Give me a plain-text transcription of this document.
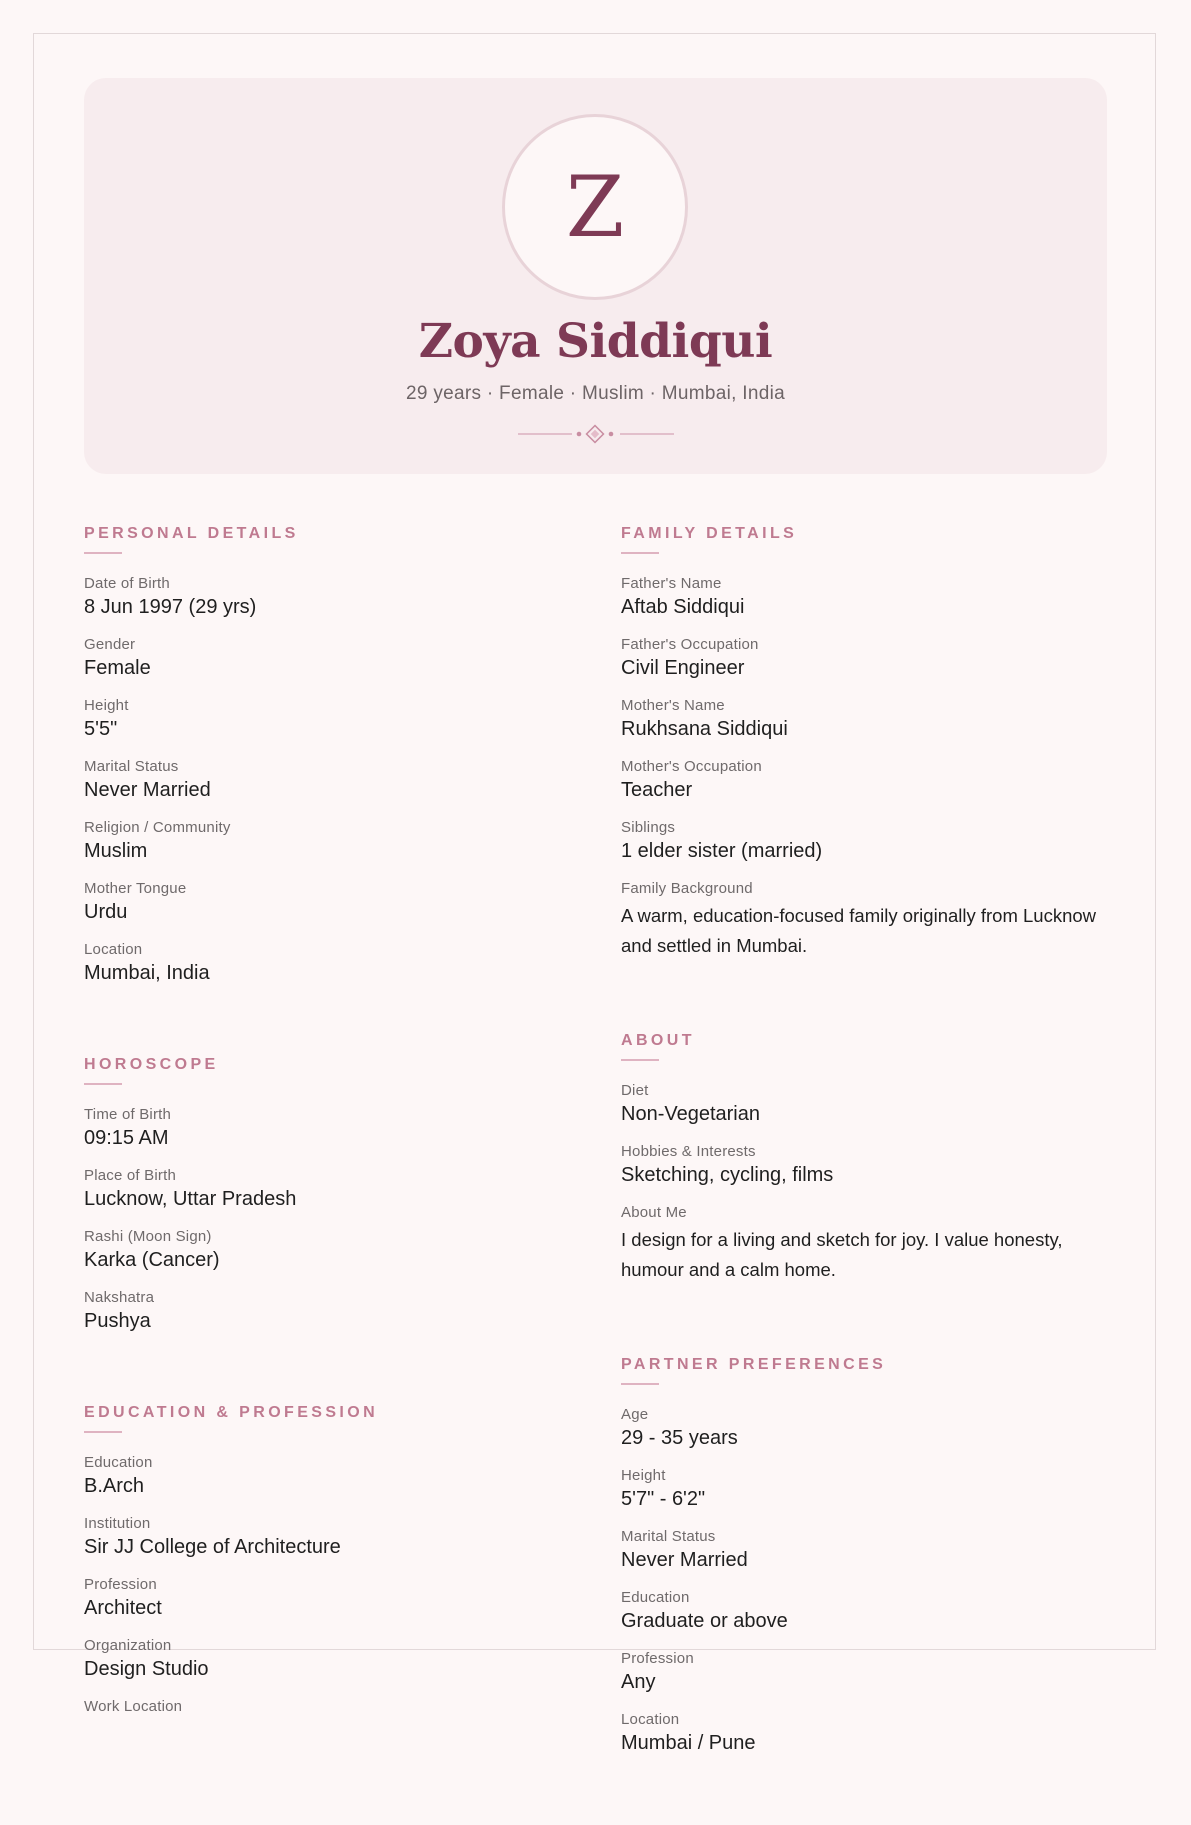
Z
Zoya Siddiqui
29 years · Female · Muslim · Mumbai, India
PERSONAL DETAILS
Date of Birth
8 Jun 1997 (29 yrs)
Gender
Female
Height
5'5"
Marital Status
Never Married
Religion / Community
Muslim
Mother Tongue
Urdu
Location
Mumbai, India
HOROSCOPE
Time of Birth
09:15 AM
Place of Birth
Lucknow, Uttar Pradesh
Rashi (Moon Sign)
Karka (Cancer)
Nakshatra
Pushya
EDUCATION & PROFESSION
Education
B.Arch
Institution
Sir JJ College of Architecture
Profession
Architect
Organization
Design Studio
Work Location
FAMILY DETAILS
Father's Name
Aftab Siddiqui
Father's Occupation
Civil Engineer
Mother's Name
Rukhsana Siddiqui
Mother's Occupation
Teacher
Siblings
1 elder sister (married)
Family Background
A warm, education-focused family originally from Lucknow and settled in Mumbai.
ABOUT
Diet
Non-Vegetarian
Hobbies & Interests
Sketching, cycling, films
About Me
I design for a living and sketch for joy. I value honesty, humour and a calm home.
PARTNER PREFERENCES
Age
29 - 35 years
Height
5'7" - 6'2"
Marital Status
Never Married
Education
Graduate or above
Profession
Any
Location
Mumbai / Pune
